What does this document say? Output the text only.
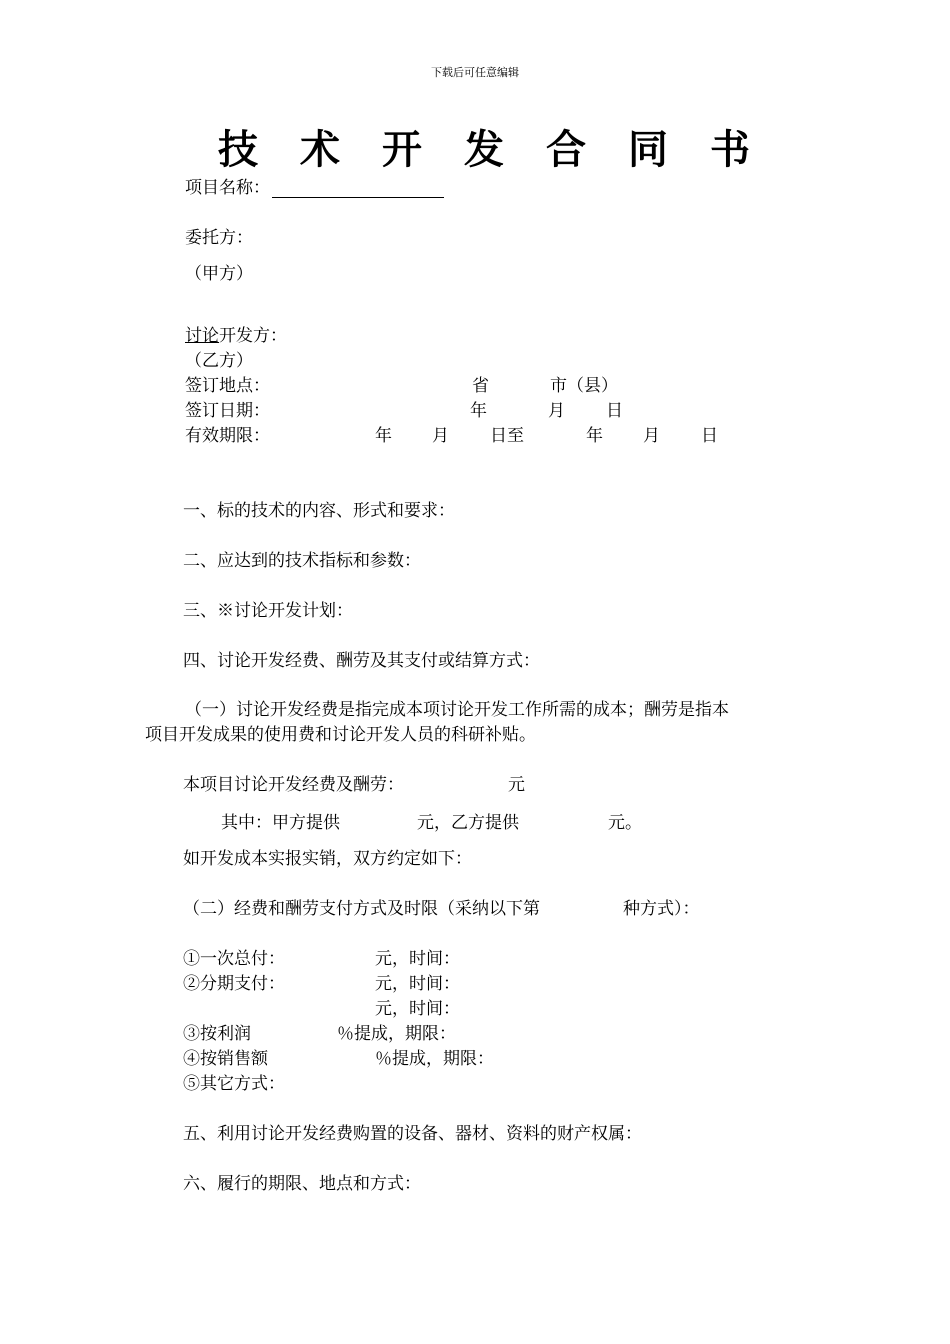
下载后可任意编辑
技术开发合同书
项目名称：
委托方：
（甲方）
讨论开发方：
（乙方）
签订地点：	省	市（县）
签订日期：	年	月 日
有效期限：	年 月 日至	年 月 日
一、标的技术的内容、形式和要求：
二、应达到的技术指标和参数：
三、※讨论开发计划：
四、讨论开发经费、酬劳及其支付或结算方式：
（一）讨论开发经费是指完成本项讨论开发工作所需的成本；酬劳是指本
项目开发成果的使用费和讨论开发人员的科研补贴。
本项目讨论开发经费及酬劳：	元
其中：甲方提供	元，乙方提供	元。
如开发成本实报实销，双方约定如下：
（二）经费和酬劳支付方式及时限（采纳以下第	种方式）：
①一次总付：	元，时间：
②分期支付：	元，时间：
元，时间：
③按利润	％提成，期限：
④按销售额	％提成，期限：
⑤其它方式：
五、利用讨论开发经费购置的设备、器材、资料的财产权属：
六、履行的期限、地点和方式：
